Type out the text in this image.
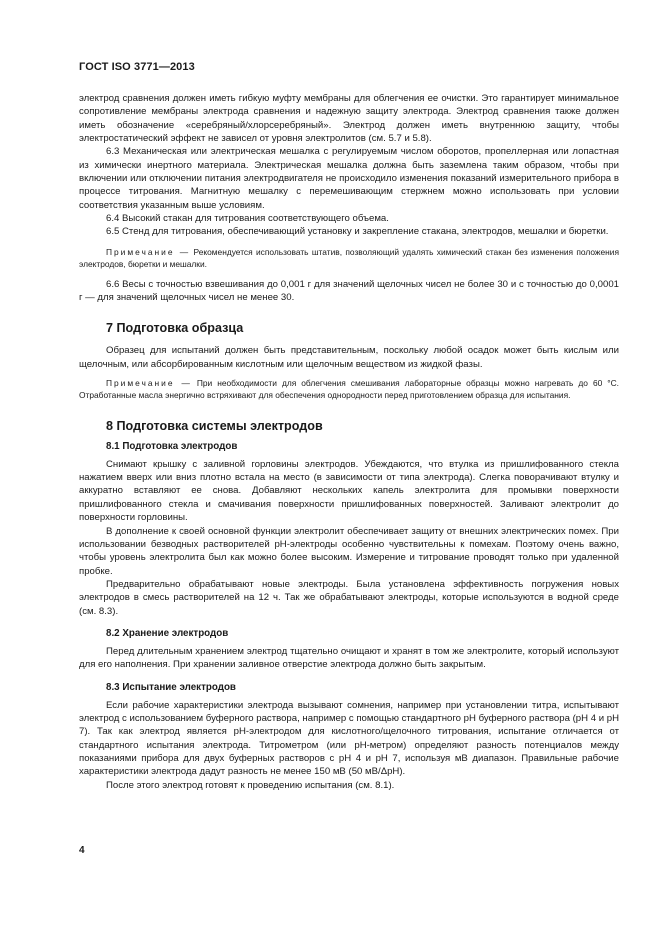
ГОСТ ISO 3771—2013

электрод сравнения должен иметь гибкую муфту мембраны для облегчения ее очистки. Это гарантирует минимальное сопротивление мембраны электрода сравнения и надежную защиту электрода. Электрод сравнения также должен иметь обозначение «серебряный/хлорсеребряный». Электрод должен иметь внутреннюю защиту, чтобы электростатический эффект не зависел от уровня электролитов (см. 5.7 и 5.8).

6.3 Механическая или электрическая мешалка с регулируемым числом оборотов, пропеллерная или лопастная из химически инертного материала. Электрическая мешалка должна быть заземлена таким образом, чтобы при включении или отключении питания электродвигателя не происходило изменения показаний измерительного прибора в процессе титрования. Магнитную мешалку с перемешивающим стержнем можно использовать при условии соответствия указанным выше условиям.

6.4 Высокий стакан для титрования соответствующего объема.

6.5 Стенд для титрования, обеспечивающий установку и закрепление стакана, электродов, мешалки и бюретки.

Примечание — Рекомендуется использовать штатив, позволяющий удалять химический стакан без изменения положения электродов, бюретки и мешалки.

6.6 Весы с точностью взвешивания до 0,001 г для значений щелочных чисел не более 30 и с точностью до 0,0001 г — для значений щелочных чисел не менее 30.

7 Подготовка образца

Образец для испытаний должен быть представительным, поскольку любой осадок может быть кислым или щелочным, или абсорбированным кислотным или щелочным веществом из жидкой фазы.

Примечание — При необходимости для облегчения смешивания лабораторные образцы можно нагревать до 60 °С. Отработанные масла энергично встряхивают для обеспечения однородности перед приготовлением образца для испытания.

8 Подготовка системы электродов
8.1 Подготовка электродов

Снимают крышку с заливной горловины электродов. Убеждаются, что втулка из пришлифованного стекла нажатием вверх или вниз плотно встала на место (в зависимости от типа электрода). Слегка поворачивают втулку и аккуратно вставляют ее снова. Добавляют нескольких капель электролита для промывки поверхности пришлифованного стекла и смачивания поверхности пришлифованных поверхностей. Заливают электролит до поверхности горловины.

В дополнение к своей основной функции электролит обеспечивает защиту от внешних электрических помех. При использовании безводных растворителей рН-электроды особенно чувствительны к помехам. Поэтому очень важно, чтобы уровень электролита был как можно более высоким. Измерение и титрование проводят только при удаленной пробке.

Предварительно обрабатывают новые электроды. Была установлена эффективность погружения новых электродов в смесь растворителей на 12 ч. Так же обрабатывают электроды, которые используются в водной среде (см. 8.3).

8.2 Хранение электродов

Перед длительным хранением электрод тщательно очищают и хранят в том же электролите, который используют для его наполнения. При хранении заливное отверстие электрода должно быть закрытым.

8.3 Испытание электродов

Если рабочие характеристики электрода вызывают сомнения, например при установлении титра, испытывают электрод с использованием буферного раствора, например с помощью стандартного рН буферного раствора (рН 4 и рН 7). Так как электрод является рН-электродом для кислотного/щелочного титрования, испытание отличается от стандартного испытания электрода. Титрометром (или рН-метром) определяют разность потенциалов между показаниями прибора для двух буферных растворов с рН 4 и рН 7, используя мВ диапазон. Правильные рабочие характеристики электрода дадут разность не менее 150 мВ (50 мВ/ΔрН).

После этого электрод готовят к проведению испытания (см. 8.1).

4
